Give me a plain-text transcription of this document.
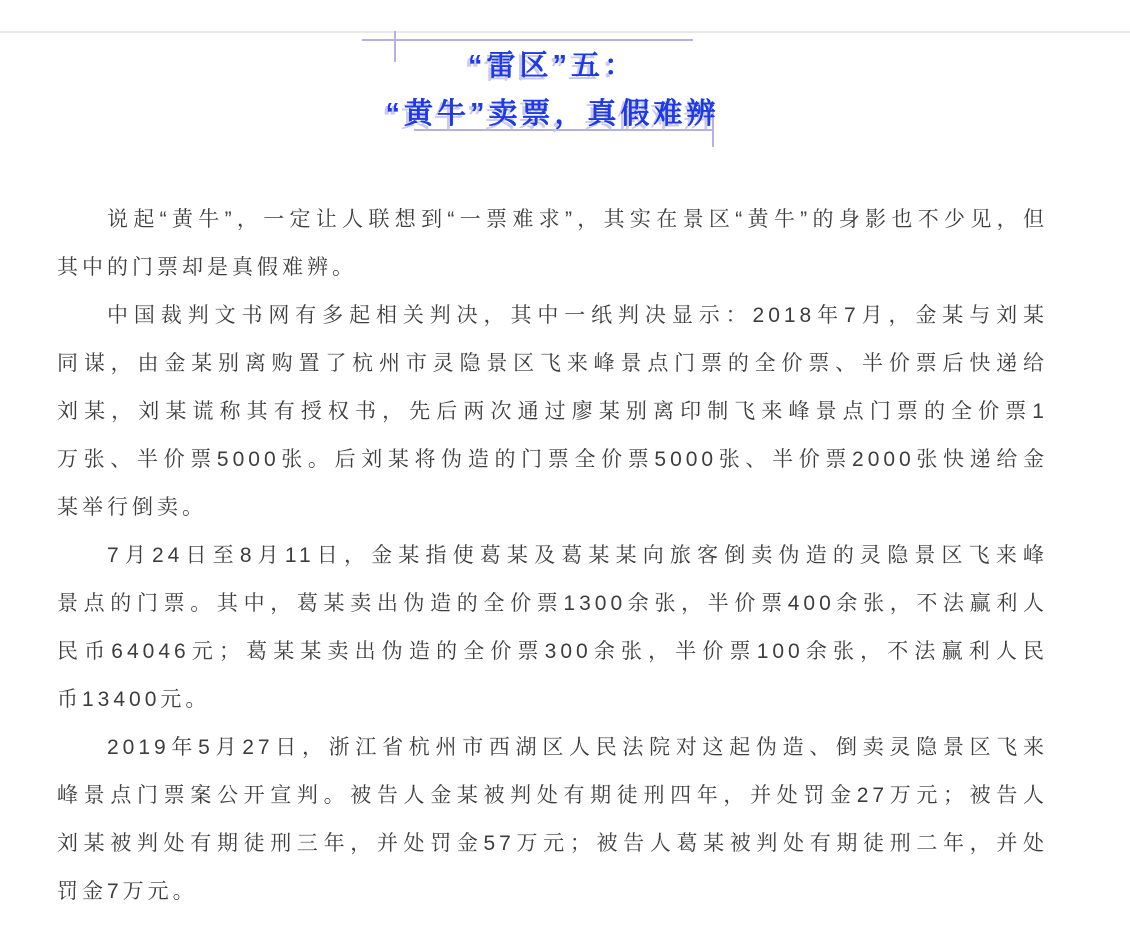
“雷区”五：
“黄牛”卖票，真假难辨
说起“黄牛”，一定让人联想到“一票难求”，其实在景区“黄牛”的身影也不少见，但
其中的门票却是真假难辨。
中国裁判文书网有多起相关判决，其中一纸判决显示：2018年7月，金某与刘某
同谋，由金某别离购置了杭州市灵隐景区飞来峰景点门票的全价票、半价票后快递给
刘某，刘某谎称其有授权书，先后两次通过廖某别离印制飞来峰景点门票的全价票1
万张、半价票5000张。后刘某将伪造的门票全价票5000张、半价票2000张快递给金
某举行倒卖。
7月24日至8月11日，金某指使葛某及葛某某向旅客倒卖伪造的灵隐景区飞来峰
景点的门票。其中，葛某卖出伪造的全价票1300余张，半价票400余张，不法赢利人
民币64046元；葛某某卖出伪造的全价票300余张，半价票100余张，不法赢利人民
币13400元。
2019年5月27日，浙江省杭州市西湖区人民法院对这起伪造、倒卖灵隐景区飞来
峰景点门票案公开宣判。被告人金某被判处有期徒刑四年，并处罚金27万元；被告人
刘某被判处有期徒刑三年，并处罚金57万元；被告人葛某被判处有期徒刑二年，并处
罚金7万元。
